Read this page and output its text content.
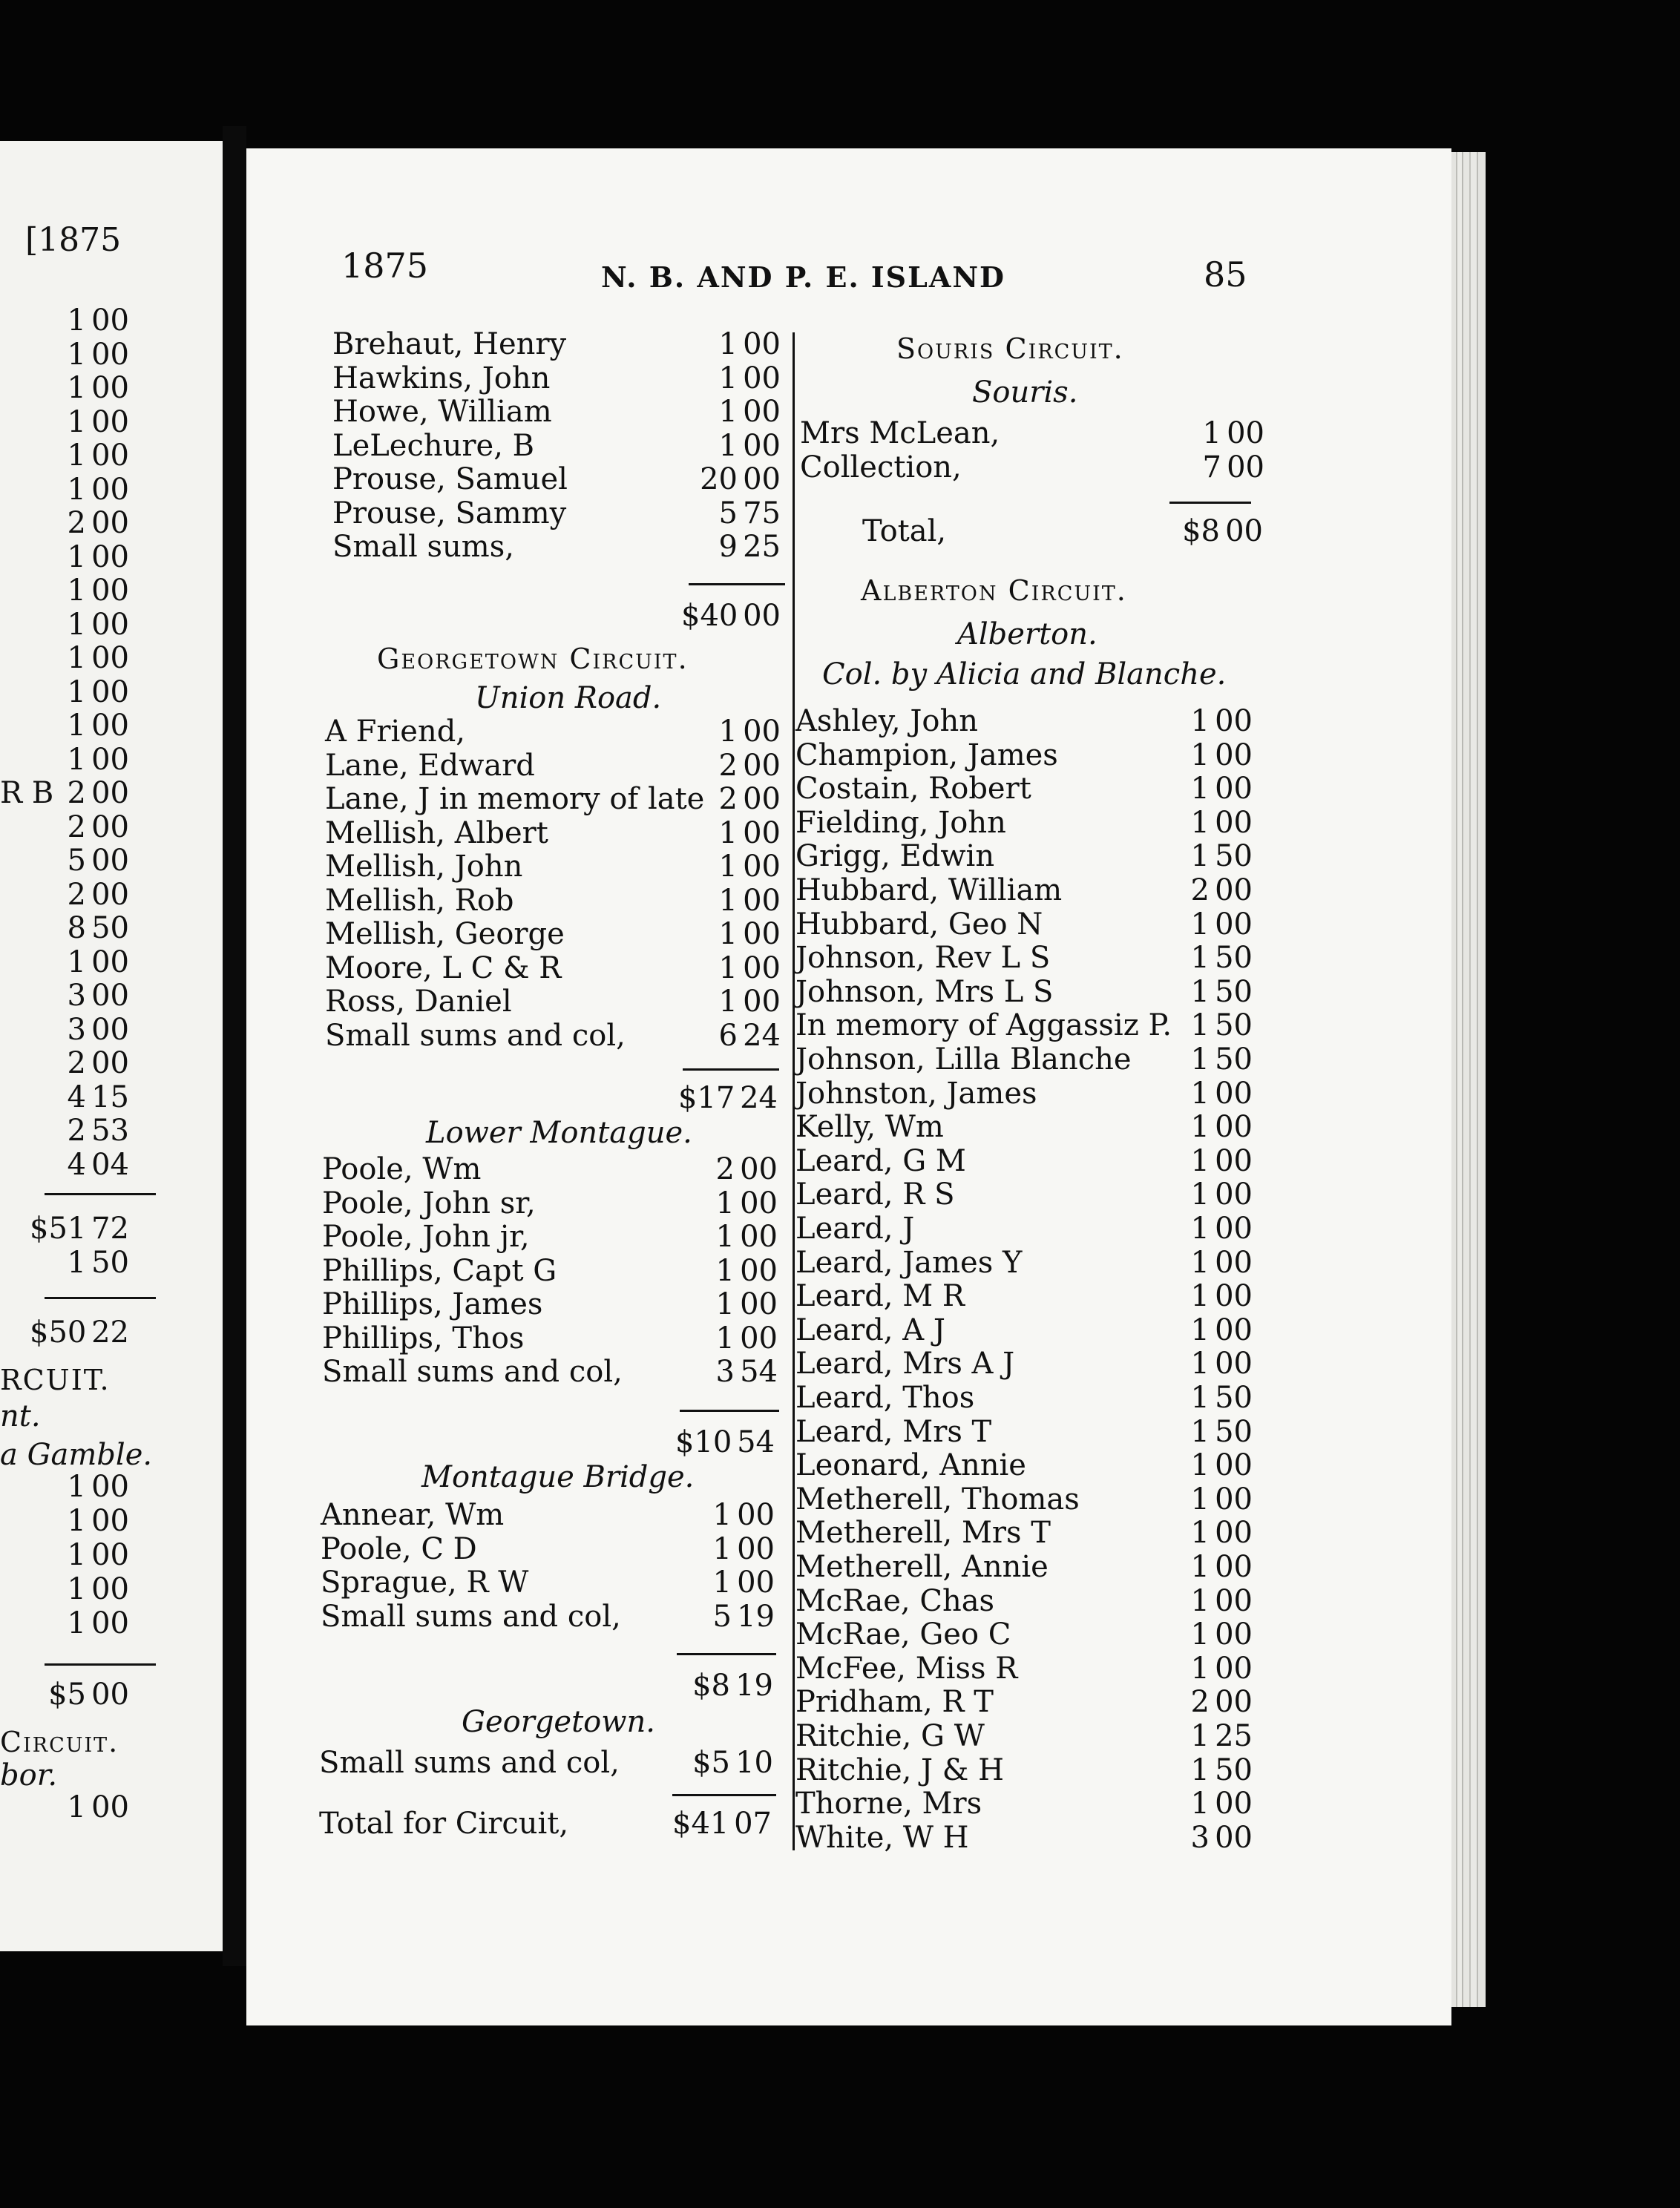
[1875
1 00
1 00
1 00
1 00
1 00
1 00
2 00
1 00
1 00
1 00
1 00
1 00
1 00
1 00
R B 2 00
2 00
5 00
2 00
8 50
1 00
3 00
3 00
2 00
4 15
2 53
4 04
$51 72
1 50
$50 22
RCUIT.
nt.
a Gamble.
1 00
1 00
1 00
1 00
1 00
$5 00
Circuit.
bor.
1 00
1875	N. B. AND P. E. ISLAND	85
Brehaut, Henry	1 00
Hawkins, John	1 00
Howe, William	1 00
LeLechure, B	1 00
Prouse, Samuel	20 00
Prouse, Sammy	5 75
Small sums,	9 25
$40 00
Georgetown Circuit.
Union Road.
A Friend,	1 00
Lane, Edward	2 00
Lane, J in memory of late 2 00
Mellish, Albert	1 00
Mellish, John	1 00
Mellish, Rob	1 00
Mellish, George	1 00
Moore, L C & R	1 00
Ross, Daniel	1 00
Small sums and col,	6 24
$17 24
Lower Montague.
Poole, Wm	2 00
Poole, John sr,	1 00
Poole, John jr,	1 00
Phillips, Capt G	1 00
Phillips, James	1 00
Phillips, Thos	1 00
Small sums and col,	3 54
$10 54
Montague Bridge.
Annear, Wm	1 00
Poole, C D	1 00
Sprague, R W	1 00
Small sums and col,	5 19
$8 19
Georgetown.
Small sums and col,	$5 10
Total for Circuit,	$41 07
Souris Circuit.
Souris.
Mrs McLean,	1 00
Collection,	7 00
Total,	$8 00
Alberton Circuit.
Alberton.
Col. by Alicia and Blanche.
Ashley, John	1 00
Champion, James	1 00
Costain, Robert	1 00
Fielding, John	1 00
Grigg, Edwin	1 50
Hubbard, William	2 00
Hubbard, Geo N	1 00
Johnson, Rev L S	1 50
Johnson, Mrs L S	1 50
In memory of Aggassiz P. 1 50
Johnson, Lilla Blanche	1 50
Johnston, James	1 00
Kelly, Wm	1 00
Leard, G M	1 00
Leard, R S	1 00
Leard, J	1 00
Leard, James Y	1 00
Leard, M R	1 00
Leard, A J	1 00
Leard, Mrs A J	1 00
Leard, Thos	1 50
Leard, Mrs T	1 50
Leonard, Annie	1 00
Metherell, Thomas	1 00
Metherell, Mrs T	1 00
Metherell, Annie	1 00
McRae, Chas	1 00
McRae, Geo C	1 00
McFee, Miss R	1 00
Pridham, R T	2 00
Ritchie, G W	1 25
Ritchie, J & H	1 50
Thorne, Mrs	1 00
White, W H	3 00
